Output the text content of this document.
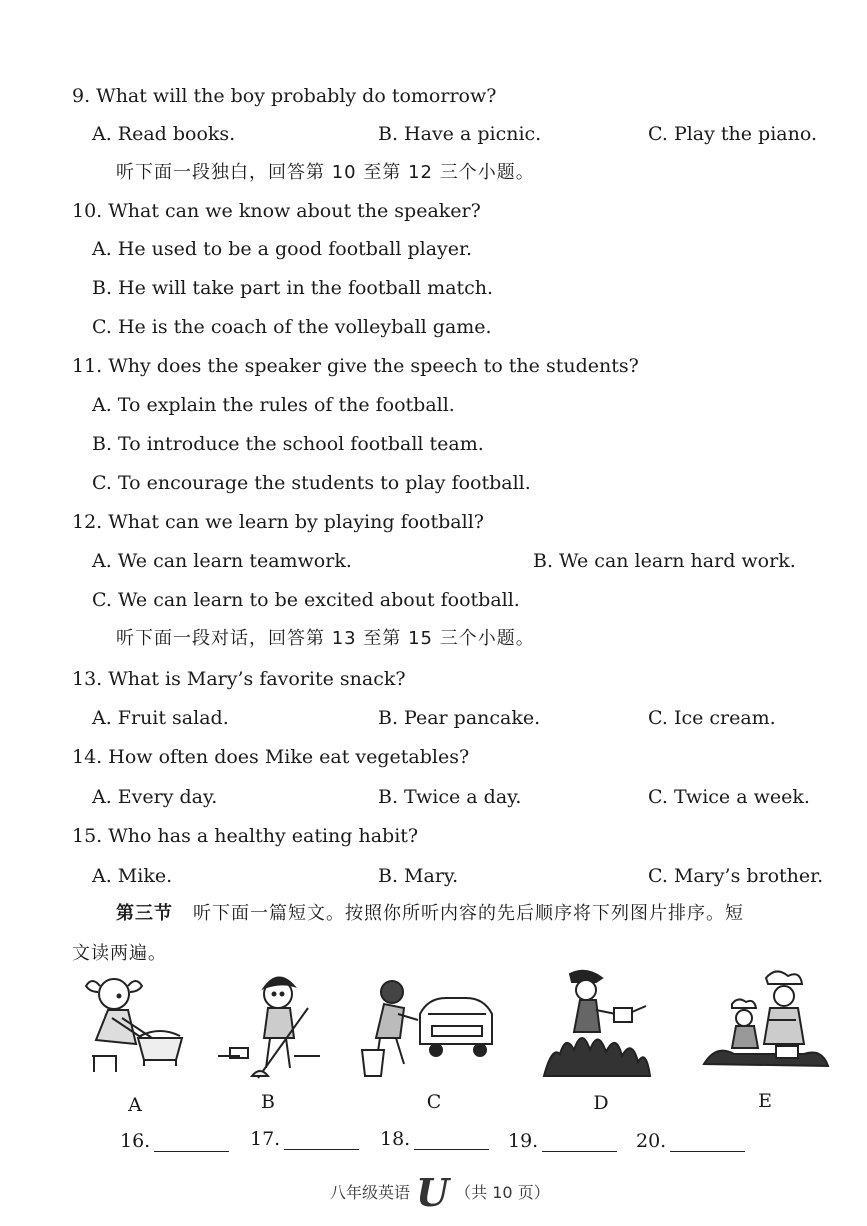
9. What will the boy probably do tomorrow?
A. Read books.	B. Have a picnic.	C. Play the piano.
听下面一段独白，回答第 10 至第 12 三个小题。
10. What can we know about the speaker?
A. He used to be a good football player.
B. He will take part in the football match.
C. He is the coach of the volleyball game.
11. Why does the speaker give the speech to the students?
A. To explain the rules of the football.
B. To introduce the school football team.
C. To encourage the students to play football.
12. What can we learn by playing football?
A. We can learn teamwork.	B. We can learn hard work.
C. We can learn to be excited about football.
听下面一段对话，回答第 13 至第 15 三个小题。
13. What is Mary’s favorite snack?
A. Fruit salad.	B. Pear pancake.	C. Ice cream.
14. How often does Mike eat vegetables?
A. Every day.	B. Twice a day.	C. Twice a week.
15. Who has a healthy eating habit?
A. Mike.	B. Mary.	C. Mary’s brother.
第三节 听下面一篇短文。按照你所听内容的先后顺序将下列图片排序。短
文读两遍。
A	B	C	D	E
16.	17.	18.	19.	20.
八年级英语 U （共 10 页）
